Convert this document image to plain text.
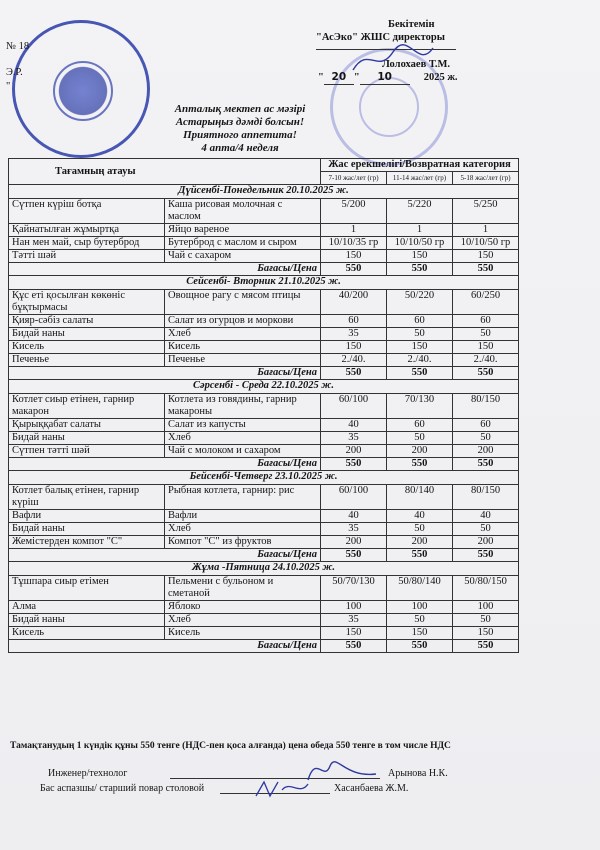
№ 18
Э.Р.
"
Бекітемін
"АсЭко" ЖШС директоры
Лолохаев Т.М.
" 20 " 10	2025 ж.
Апталық мектеп ас мәзірі
Астарыңыз дәмді болсын!
Приятного аппетита!
4 апта/4 неделя
Тағамның атауы		Жас ерекшелігі/Возвратная категория		
		7-10 жас/лет (гр)	11-14 жас/лет (гр)	5-18 жас/лет (гр)
Дүйсенбі-Понедельник 20.10.2025 ж.				
Сүтпен күріш ботқа	Каша рисовая молочная с маслом	5/200	5/220	5/250
Қайнатылған жұмыртқа	Яйцо вареное	1	1	1
Нан мен май, сыр бутерброд	Бутерброд с маслом и сыром	10/10/35 гр	10/10/50 гр	10/10/50 гр
Тәтті шәй	Чай с сахаром	150	150	150
Бағасы/Цена		550	550	550
Сейсенбі- Вторник 21.10.2025 ж.				
Құс еті қосылған көкөніс бұқтырмасы	Овощное рагу с мясом птицы	40/200	50/220	60/250
Қияр-сәбіз салаты	Салат из огурцов и моркови	60	60	60
Бидай наны	Хлеб	35	50	50
Кисель	Кисель	150	150	150
Печенье	Печенье	2./40.	2./40.	2./40.
Бағасы/Цена		550	550	550
Сәрсенбі - Среда 22.10.2025 ж.				
Котлет сиыр етінен, гарнир макарон	Котлета из говядины, гарнир макароны	60/100	70/130	80/150
Қырыққабат салаты	Салат из капусты	40	60	60
Бидай наны	Хлеб	35	50	50
Сүтпен тәтті шәй	Чай с молоком и сахаром	200	200	200
Бағасы/Цена		550	550	550
Бейсенбі-Четверг 23.10.2025 ж.				
Котлет балық етінен, гарнир күріш	Рыбная котлета, гарнир: рис	60/100	80/140	80/150
Вафли	Вафли	40	40	40
Бидай наны	Хлеб	35	50	50
Жемістерден компот "С"	Компот "С" из фруктов	200	200	200
Бағасы/Цена		550	550	550
Жұма -Пятница 24.10.2025 ж.				
Тұшпара сиыр етімен	Пельмени с бульоном и сметаной	50/70/130	50/80/140	50/80/150
Алма	Яблоко	100	100	100
Бидай наны	Хлеб	35	50	50
Кисель	Кисель	150	150	150
Бағасы/Цена		550	550	550
Тамақтанудың 1 күндік құны 550 тенге (НДС-пен қоса алғанда) цена обеда 550 тенге в том числе НДС
Инженер/технолог	Арынова Н.К.
Бас аспазшы/ старший повар столовой	Хасанбаева Ж.М.
